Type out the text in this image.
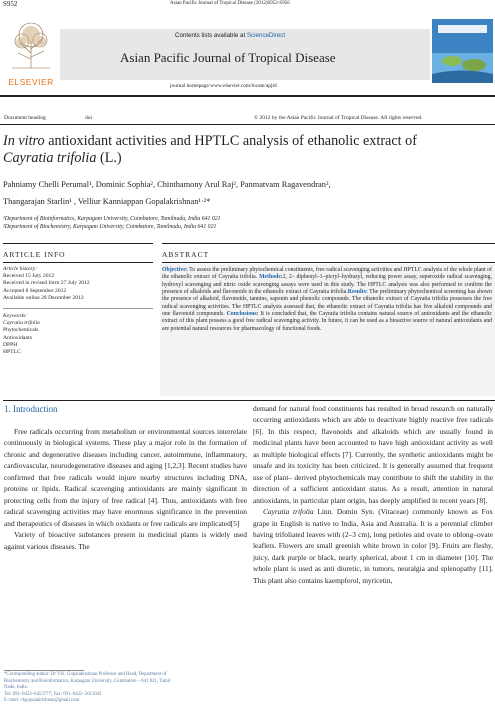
S952	Asian Pacific Journal of Tropical Disease (2012)S952-S956
ELSEVIER
Contents lists available at ScienceDirect
Asian Pacific Journal of Tropical Disease
journal homepage:www.elsevier.com/locate/apjtd
Document heading	doi	© 2012 by the Asian Pacific Journal of Tropical Disease. All rights reserved.
In vitro antioxidant activities and HPTLC analysis of ethanolic extract of
Cayratia trifolia (L.)
Pahniamy Chelli Perumal¹, Dominic Sophia², Chinthamony Arul Raj², Panmatvam Ragavendran²,
Thangarajan Starlin¹ , Velliur Kanniappan Gopalakrishnan¹·²*
¹Department of Bioinformatics, Karpagam University, Coimbatore, Tamilnadu, India 641 021
²Department of Biochemistry, Karpagam University, Coimbatore, Tamilnadu, India 641 021
ARTICLE INFO
Article history:
Received 15 July 2012
Received in revised form 27 July 2012
Accepted 8 September 2012
Available online 28 December 2012
Keywords:
Cayratia trifolia
Phytochemicals
Antioxidants
DPPH
HPTLC
ABSTRACT
Objective: To assess the preliminary phytochemical constituents, free radical scavenging activities and HPTLC analysis of the whole plant of the ethanolic extract of Cayratia trifolia. Methods:2, 2– diphenyl–1–picryl–hydrazyl, reducing power assay, superoxide radical scavenging, hydroxyl scavenging and nitric oxide scavenging assays were used in this study. The HPTLC analysis was also performed to confirm the presence of alkaloids and flavonoids in the ethanolic extract of Cayratia trifolia.Results: The preliminary phytochemical screening has shown the presence of alkaloid, flavonoids, tannins, saponin and phenolic compounds. The ethanolic extract of Cayratia trifolia possesses the free radical scavenging activities. The HPTLC analysis assessed that, the ethanolic extract of Cayratia trifolia has five alkaloid compounds and one flavonoid compounds. Conclusions: It is concluded that, the Cayratia trifolia contains natural source of antioxidants and the ethanolic extract of this plant possess a good free radical scavenging activity. In future, it can be used as a bioactive source of natural antioxidants and are potential natural resources for pharmacology of functional foods.
1. Introduction
Free radicals occurring from metabolism or environmental sources interrelate continuously in biological systems. These play a major role in the formation of chronic and degenerative diseases including cancer, autoimmune, inflammatory, cardiovascular, neurodegenerative diseases and aging [1,2,3]. Recent studies have confirmed that free radicals would injure nearby structures including DNA, proteins or lipids. Radical scavenging antioxidants are mainly significant in protecting cells from the injury of free radical [4]. Thus, antioxidants with free radical scavenging activities may have enormous significance in the prevention and therapeutics of diseases in which oxidants or free radicals are implicated[5]
Variety of bioactive substances present in medicinal plants is widely used against various diseases. The
*Corresponding author: Dr V.K. Gopalakrishnan Professor and Head, Department of
Biochemistry and Bioinformatics, Karpagam University, Coimbatore – 641 021, Tamil
Nadu, India.
Tel: 091–0422–6453777; Fax: 091–0422–2611043
E–mail: vkgopalakrishnan@gmail.com
demand for natural food constituents has resulted in broad research on naturally occurring antioxidants which are able to deactivate highly reactive free radicals [6]. In this respect, flavonoids and alkaloids which are usually found in medicinal plants have been accounted to have high antioxidant activity as well as multiple biological effects [7]. Currently, the synthetic antioxidants might be unsafe and its toxicity has been criticized. It is generally assumed that frequent use of plant– derived phytochemicals may contribute to shift the stability in the direction of a sufficient antioxidant status. As a result, attention in natural antioxidants, in particular plant origin, has deeply amplified in recent years [8].
Cayratia trifolia Linn. Domin Syn. (Vitaceae) commonly known as Fox grape in English is native to India, Asia and Australia. It is a perennial climber having trifoliated leaves with (2–3 cm), long petioles and ovate to oblong–ovate leaflets. Flowers are small greenish white brown in color [9]. Fruits are fleshy, juicy, dark purple or black, nearly spherical, about 1 cm in diameter [10]. The whole plant is used as anti diuretic, in tumors, neuralgia and splenopathy [11]. This plant also contains kaempferol, myricetin,
